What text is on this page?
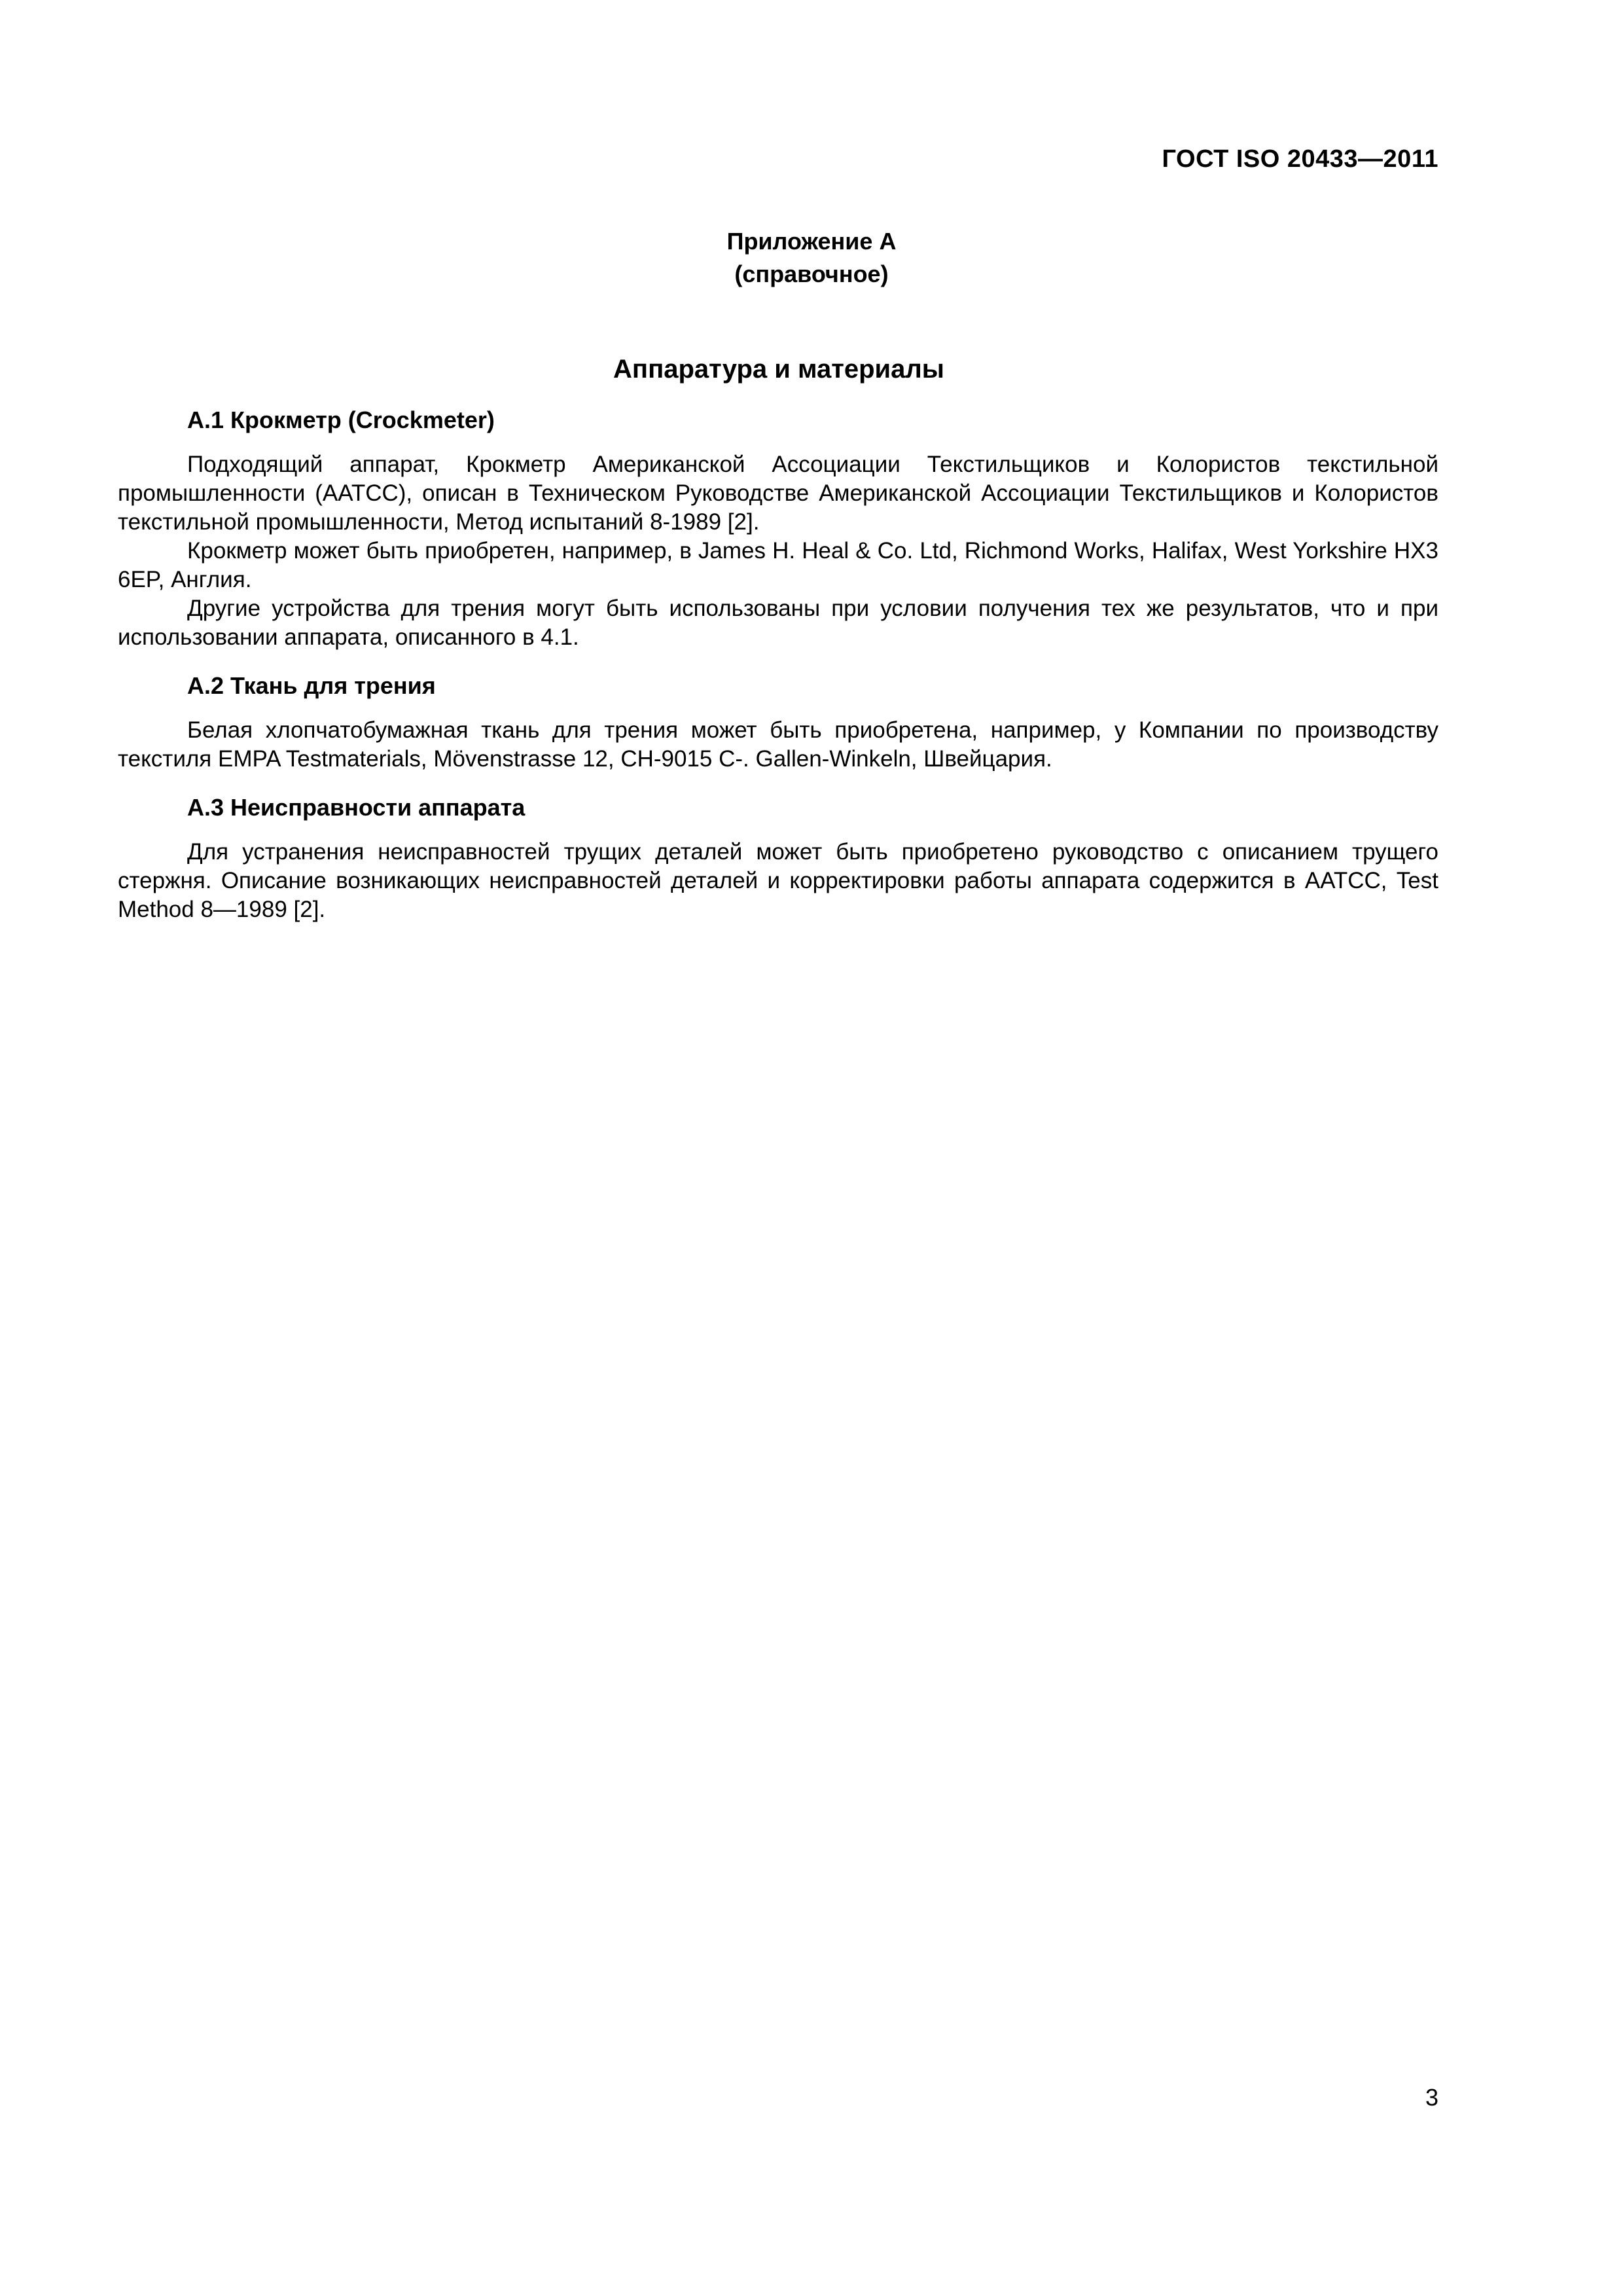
ГОСТ ISO 20433—2011
Приложение А
(справочное)
Аппаратура и материалы
А.1 Крокметр (Crockmeter)

Подходящий аппарат, Крокметр Американской Ассоциации Текстильщиков и Колористов текстильной промышленности (ААТСС), описан в Техническом Руководстве Американской Ассоциации Текстильщиков и Колористов текстильной промышленности, Метод испытаний 8-1989 [2].

Крокметр может быть приобретен, например, в James H. Heal & Co. Ltd, Richmond Works, Halifax, West Yorkshire HX3 6EP, Англия.

Другие устройства для трения могут быть использованы при условии получения тех же результатов, что и при использовании аппарата, описанного в 4.1.

А.2 Ткань для трения

Белая хлопчатобумажная ткань для трения может быть приобретена, например, у Компании по производству текстиля EMPA Testmaterials, Mövenstrasse 12, CH-9015 C-. Gallen-Winkeln, Швейцария.

А.3 Неисправности аппарата

Для устранения неисправностей трущих деталей может быть приобретено руководство с описанием трущего стержня. Описание возникающих неисправностей деталей и корректировки работы аппарата содержится в ААТСС, Test Method 8—1989 [2].

3
